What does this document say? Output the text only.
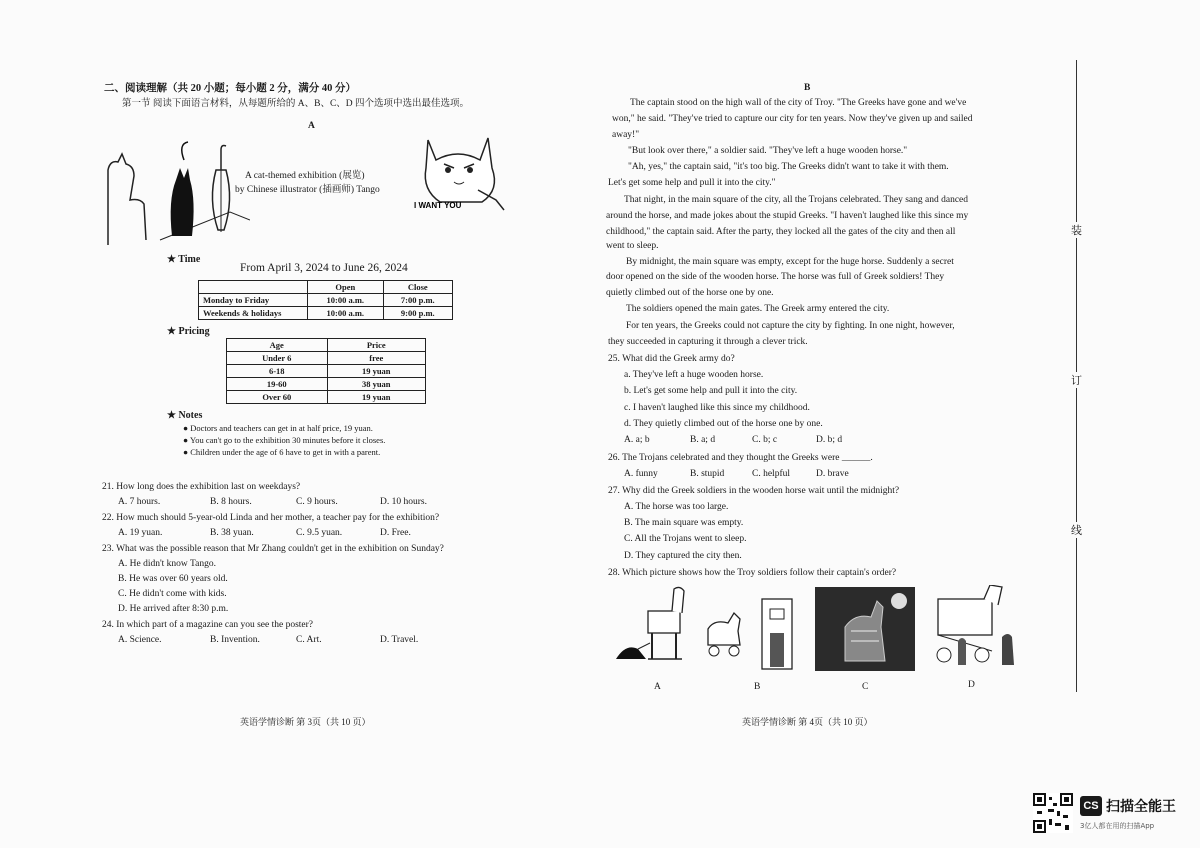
二、阅读理解（共 20 小题；每小题 2 分，满分 40 分）
第一节 阅读下面语言材料，从每题所给的 A、B、C、D 四个选项中选出最佳选项。
A
A cat-themed exhibition (展览)
by Chinese illustrator (插画师) Tango
I WANT YOU
★ Time
From April 3, 2024 to June 26, 2024
	Open	Close
Monday to Friday	10:00 a.m.	7:00 p.m.
Weekends & holidays	10:00 a.m.	9:00 p.m.
★ Pricing
Age	Price
Under 6	free
6-18	19 yuan
19-60	38 yuan
Over 60	19 yuan
★ Notes
● Doctors and teachers can get in at half price, 19 yuan.
● You can't go to the exhibition 30 minutes before it closes.
● Children under the age of 6 have to get in with a parent.
21. How long does the exhibition last on weekdays?
A. 7 hours.	B. 8 hours.	C. 9 hours.	D. 10 hours.
22. How much should 5-year-old Linda and her mother, a teacher pay for the exhibition?
A. 19 yuan.	B. 38 yuan.	C. 9.5 yuan.	D. Free.
23. What was the possible reason that Mr Zhang couldn't get in the exhibition on Sunday?
A. He didn't know Tango.
B. He was over 60 years old.
C. He didn't come with kids.
D. He arrived after 8:30 p.m.
24. In which part of a magazine can you see the poster?
A. Science.	B. Invention.	C. Art.	D. Travel.
英语学情诊断 第 3页（共 10 页）
B
The captain stood on the high wall of the city of Troy. "The Greeks have gone and we've
won," he said. "They've tried to capture our city for ten years. Now they've given up and sailed
away!"
"But look over there," a soldier said. "They've left a huge wooden horse."
"Ah, yes," the captain said, "it's too big. The Greeks didn't want to take it with them.
Let's get some help and pull it into the city."
That night, in the main square of the city, all the Trojans celebrated. They sang and danced
around the horse, and made jokes about the stupid Greeks. "I haven't laughed like this since my
childhood," the captain said. After the party, they locked all the gates of the city and then all
went to sleep.
By midnight, the main square was empty, except for the huge horse. Suddenly a secret
door opened on the side of the wooden horse. The horse was full of Greek soldiers! They
quietly climbed out of the horse one by one.
The soldiers opened the main gates. The Greek army entered the city.
For ten years, the Greeks could not capture the city by fighting. In one night, however,
they succeeded in capturing it through a clever trick.
25. What did the Greek army do?
a. They've left a huge wooden horse.
b. Let's get some help and pull it into the city.
c. I haven't laughed like this since my childhood.
d. They quietly climbed out of the horse one by one.
A. a; b	B. a; d	C. b; c	D. b; d
26. The Trojans celebrated and they thought the Greeks were ______.
A. funny	B. stupid	C. helpful	D. brave
27. Why did the Greek soldiers in the wooden horse wait until the midnight?
A. The horse was too large.
B. The main square was empty.
C. All the Trojans went to sleep.
D. They captured the city then.
28. Which picture shows how the Troy soldiers follow their captain's order?
A	B	C	D
英语学情诊断 第 4页（共 10 页）
装
订
线
CS 扫描全能王
3亿人都在用的扫描App
